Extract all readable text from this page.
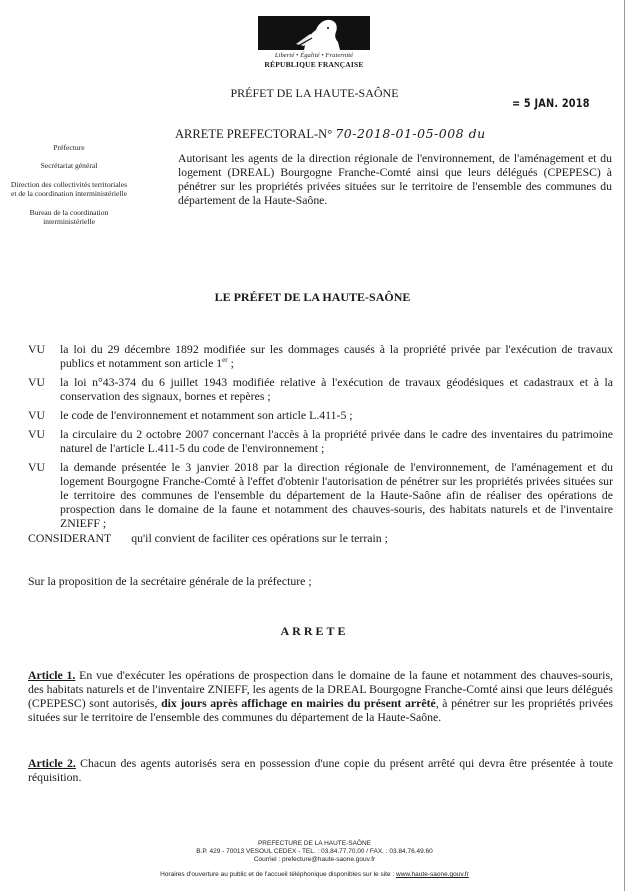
Liberté • Égalité • Fraternité
RÉPUBLIQUE FRANÇAISE
PRÉFET DE LA HAUTE-SAÔNE
= 5 JAN. 2018
ARRETE PREFECTORAL-N° 70-2018-01-05-008 du
Préfecture
Secrétariat général
Direction des collectivités territoriales et de la coordination interministérielle
Bureau de la coordination interministérielle
Autorisant les agents de la direction régionale de l'environnement, de l'aménagement et du logement (DREAL) Bourgogne Franche-Comté ainsi que leurs délégués (CPEPESC) à pénétrer sur les propriétés privées situées sur le territoire de l'ensemble des communes du département de la Haute-Saône.
LE PRÉFET DE LA HAUTE-SAÔNE
VU	la loi du 29 décembre 1892 modifiée sur les dommages causés à la propriété privée par l'exécution de travaux publics et notamment son article 1er ;
VU	la loi n°43-374 du 6 juillet 1943 modifiée relative à l'exécution de travaux géodésiques et cadastraux et à la conservation des signaux, bornes et repères ;
VU	le code de l'environnement et notamment son article L.411-5 ;
VU	la circulaire du 2 octobre 2007 concernant l'accès à la propriété privée dans le cadre des inventaires du patrimoine naturel de l'article L.411-5 du code de l'environnement ;
VU	la demande présentée le 3 janvier 2018 par la direction régionale de l'environnement, de l'aménagement et du logement Bourgogne Franche-Comté à l'effet d'obtenir l'autorisation de pénétrer sur les propriétés privées situées sur le territoire des communes de l'ensemble du département de la Haute-Saône afin de réaliser des opérations de prospection dans le domaine de la faune et notamment des chauves-souris, des habitats naturels et de l'inventaire ZNIEFF ;
CONSIDERANT qu'il convient de faciliter ces opérations sur le terrain ;
Sur la proposition de la secrétaire générale de la préfecture ;
ARRETE
Article 1. En vue d'exécuter les opérations de prospection dans le domaine de la faune et notamment des chauves-souris, des habitats naturels et de l'inventaire ZNIEFF, les agents de la DREAL Bourgogne Franche-Comté ainsi que leurs délégués (CPEPESC) sont autorisés, dix jours après affichage en mairies du présent arrêté, à pénétrer sur les propriétés privées situées sur le territoire de l'ensemble des communes du département de la Haute-Saône.
Article 2. Chacun des agents autorisés sera en possession d'une copie du présent arrêté qui devra être présentée à toute réquisition.
PREFECTURE DE LA HAUTE-SAÔNE
B.P. 429 - 70013 VESOUL CEDEX - TEL. : 03.84.77.70.00 / FAX. : 03.84.76.49.60
Courriel : prefecture@haute-saone.gouv.fr
Horaires d'ouverture au public et de l'accueil téléphonique disponibles sur le site : www.haute-saone.gouv.fr
